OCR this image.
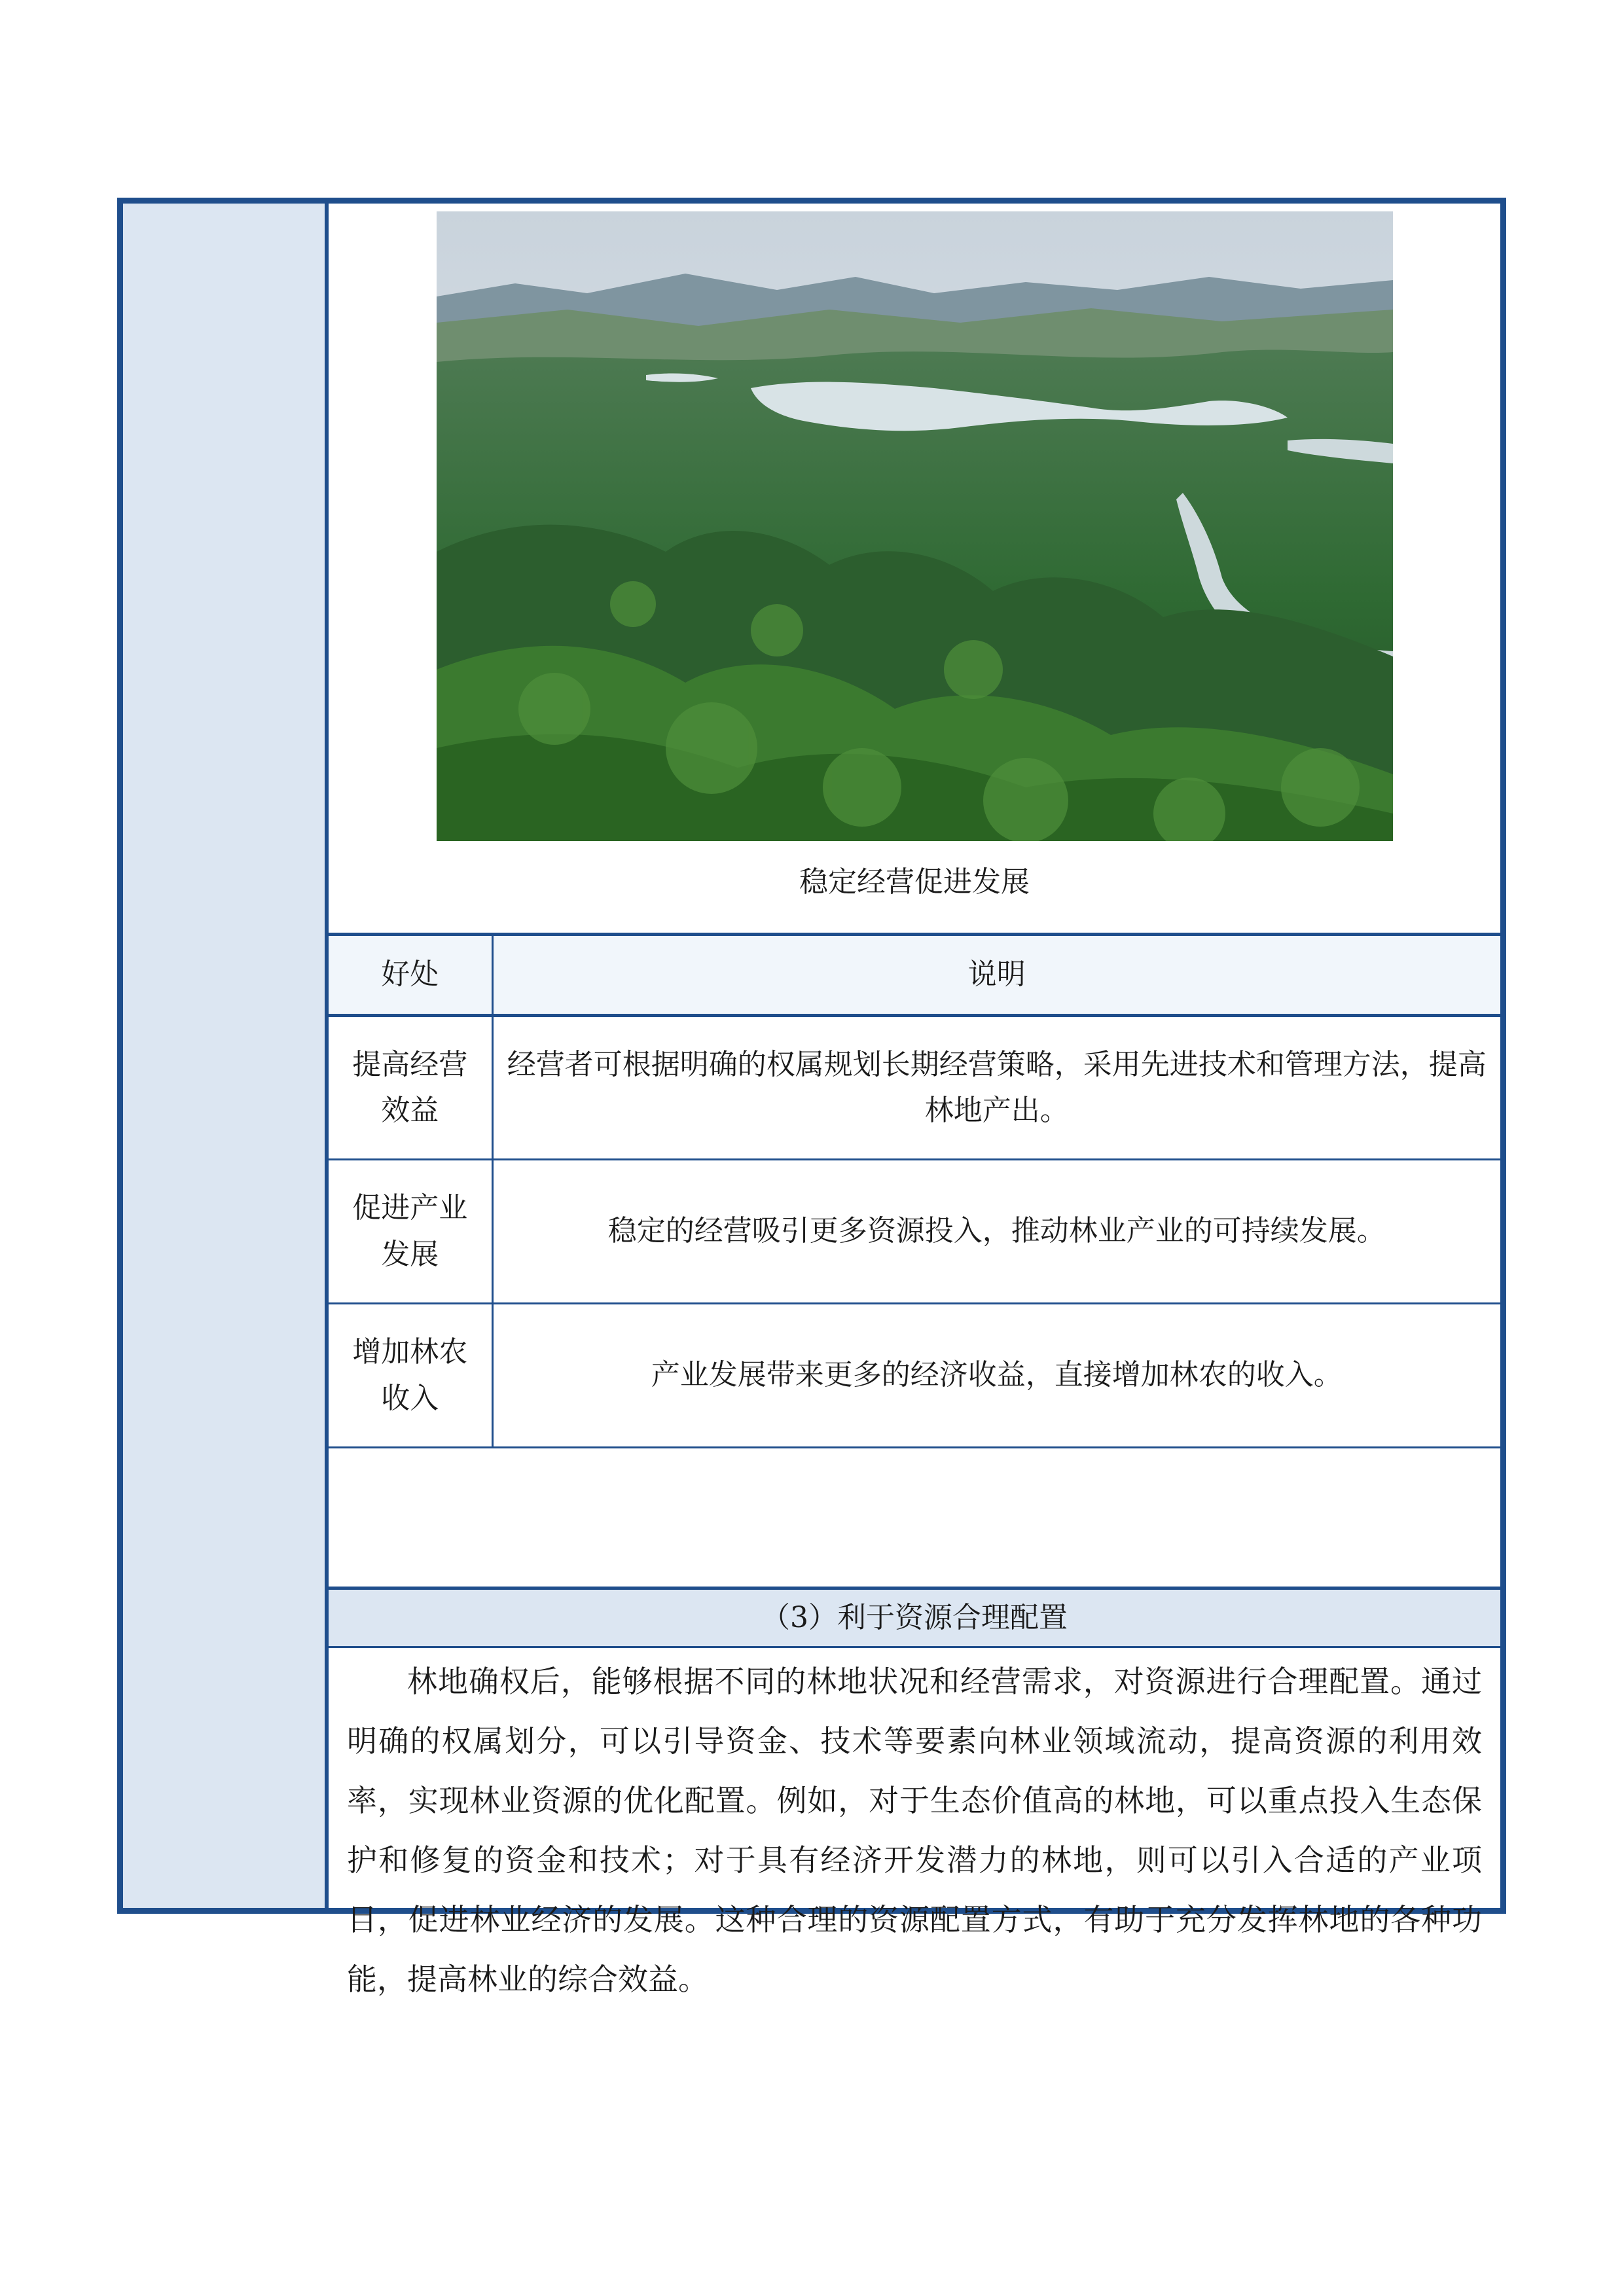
稳定经营促进发展
好处	说明
提高经营效益	经营者可根据明确的权属规划长期经营策略，采用先进技术和管理方法，提高林地产出。
促进产业发展	稳定的经营吸引更多资源投入，推动林业产业的可持续发展。
增加林农收入	产业发展带来更多的经济收益，直接增加林农的收入。
（3）利于资源合理配置

林地确权后，能够根据不同的林地状况和经营需求，对资源进行合理配置。通过明确的权属划分，可以引导资金、技术等要素向林业领域流动，提高资源的利用效率，实现林业资源的优化配置。例如，对于生态价值高的林地，可以重点投入生态保护和修复的资金和技术；对于具有经济开发潜力的林地，则可以引入合适的产业项目，促进林业经济的发展。这种合理的资源配置方式，有助于充分发挥林地的各种功能，提高林业的综合效益。
